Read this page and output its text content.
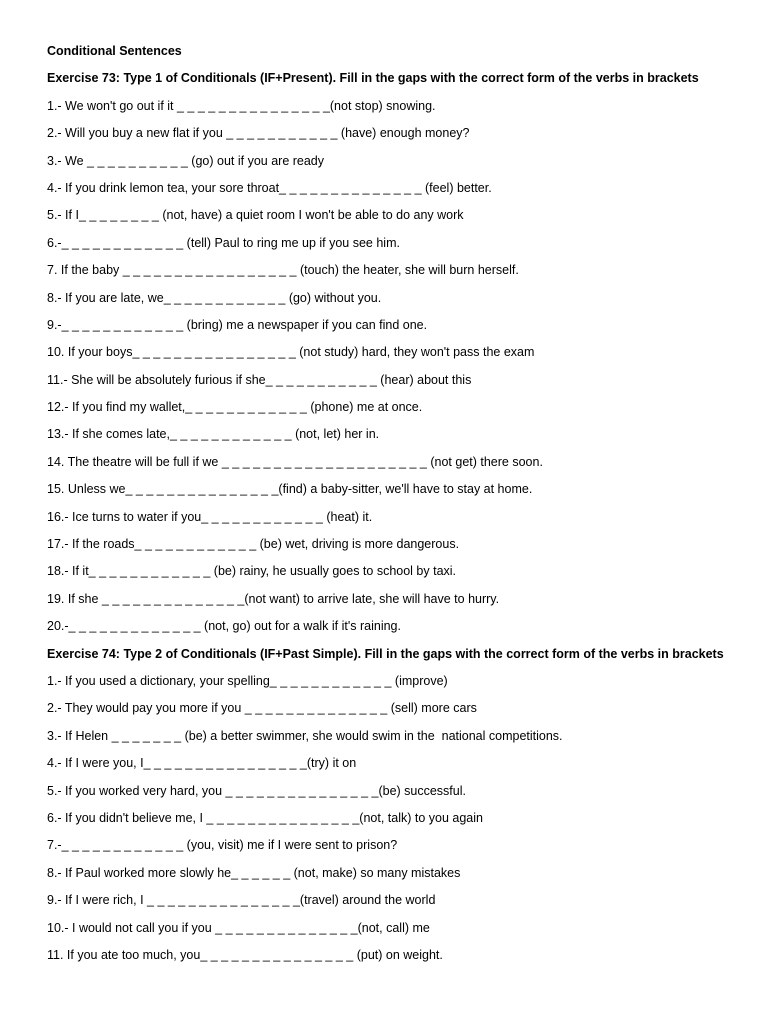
Conditional Sentences
Exercise 73: Type 1 of Conditionals (IF+Present). Fill in the gaps with the correct form of the verbs in brackets
1.- We won't go out if it _ _ _ _ _ _ _ _ _ _ _ _ _ _ _(not stop) snowing.
2.- Will you buy a new flat if you _ _ _ _ _ _ _ _ _ _ _ (have) enough money?
3.- We _ _ _ _ _ _ _ _ _ _ (go) out if you are ready
4.- If you drink lemon tea, your sore throat_ _ _ _ _ _ _ _ _ _ _ _ _ _ (feel) better.
5.- If I_ _ _ _ _ _ _ _ (not, have) a quiet room I won't be able to do any work
6.-_ _ _ _ _ _ _ _ _ _ _ _ (tell) Paul to ring me up if you see him.
7. If the baby _ _ _ _ _ _ _ _ _ _ _ _ _ _ _ _ _ (touch) the heater, she will burn herself.
8.- If you are late, we_ _ _ _ _ _ _ _ _ _ _ _ (go) without you.
9.-_ _ _ _ _ _ _ _ _ _ _ _ (bring) me a newspaper if you can find one.
10. If your boys_ _ _ _ _ _ _ _ _ _ _ _ _ _ _ _ (not study) hard, they won't pass the exam
11.- She will be absolutely furious if she_ _ _ _ _ _ _ _ _ _ _ (hear) about this
12.- If you find my wallet,_ _ _ _ _ _ _ _ _ _ _ _ (phone) me at once.
13.- If she comes late,_ _ _ _ _ _ _ _ _ _ _ _ (not, let) her in.
14. The theatre will be full if we _ _ _ _ _ _ _ _ _ _ _ _ _ _ _ _ _ _ _ _ (not get) there soon.
15. Unless we_ _ _ _ _ _ _ _ _ _ _ _ _ _ _(find) a baby-sitter, we'll have to stay at home.
16.- Ice turns to water if you_ _ _ _ _ _ _ _ _ _ _ _ (heat) it.
17.- If the roads_ _ _ _ _ _ _ _ _ _ _ _ (be) wet, driving is more dangerous.
18.- If it_ _ _ _ _ _ _ _ _ _ _ _ (be) rainy, he usually goes to school by taxi.
19. If she _ _ _ _ _ _ _ _ _ _ _ _ _ _(not want) to arrive late, she will have to hurry.
20.-_ _ _ _ _ _ _ _ _ _ _ _ _ (not, go) out for a walk if it's raining.
Exercise 74: Type 2 of Conditionals (IF+Past Simple). Fill in the gaps with the correct form of the verbs in brackets
1.- If you used a dictionary, your spelling_ _ _ _ _ _ _ _ _ _ _ _ (improve)
2.- They would pay you more if you _ _ _ _ _ _ _ _ _ _ _ _ _ _ (sell) more cars
3.- If Helen _ _ _ _ _ _ _ (be) a better swimmer, she would swim in the  national competitions.
4.- If I were you, I_ _ _ _ _ _ _ _ _ _ _ _ _ _ _ _(try) it on
5.- If you worked very hard, you _ _ _ _ _ _ _ _ _ _ _ _ _ _ _(be) successful.
6.- If you didn't believe me, I _ _ _ _ _ _ _ _ _ _ _ _ _ _ _(not, talk) to you again
7.-_ _ _ _ _ _ _ _ _ _ _ _ (you, visit) me if I were sent to prison?
8.- If Paul worked more slowly he_ _ _ _ _ _ (not, make) so many mistakes
9.- If I were rich, I _ _ _ _ _ _ _ _ _ _ _ _ _ _ _(travel) around the world
10.- I would not call you if you _ _ _ _ _ _ _ _ _ _ _ _ _ _(not, call) me
11. If you ate too much, you_ _ _ _ _ _ _ _ _ _ _ _ _ _ _ (put) on weight.
